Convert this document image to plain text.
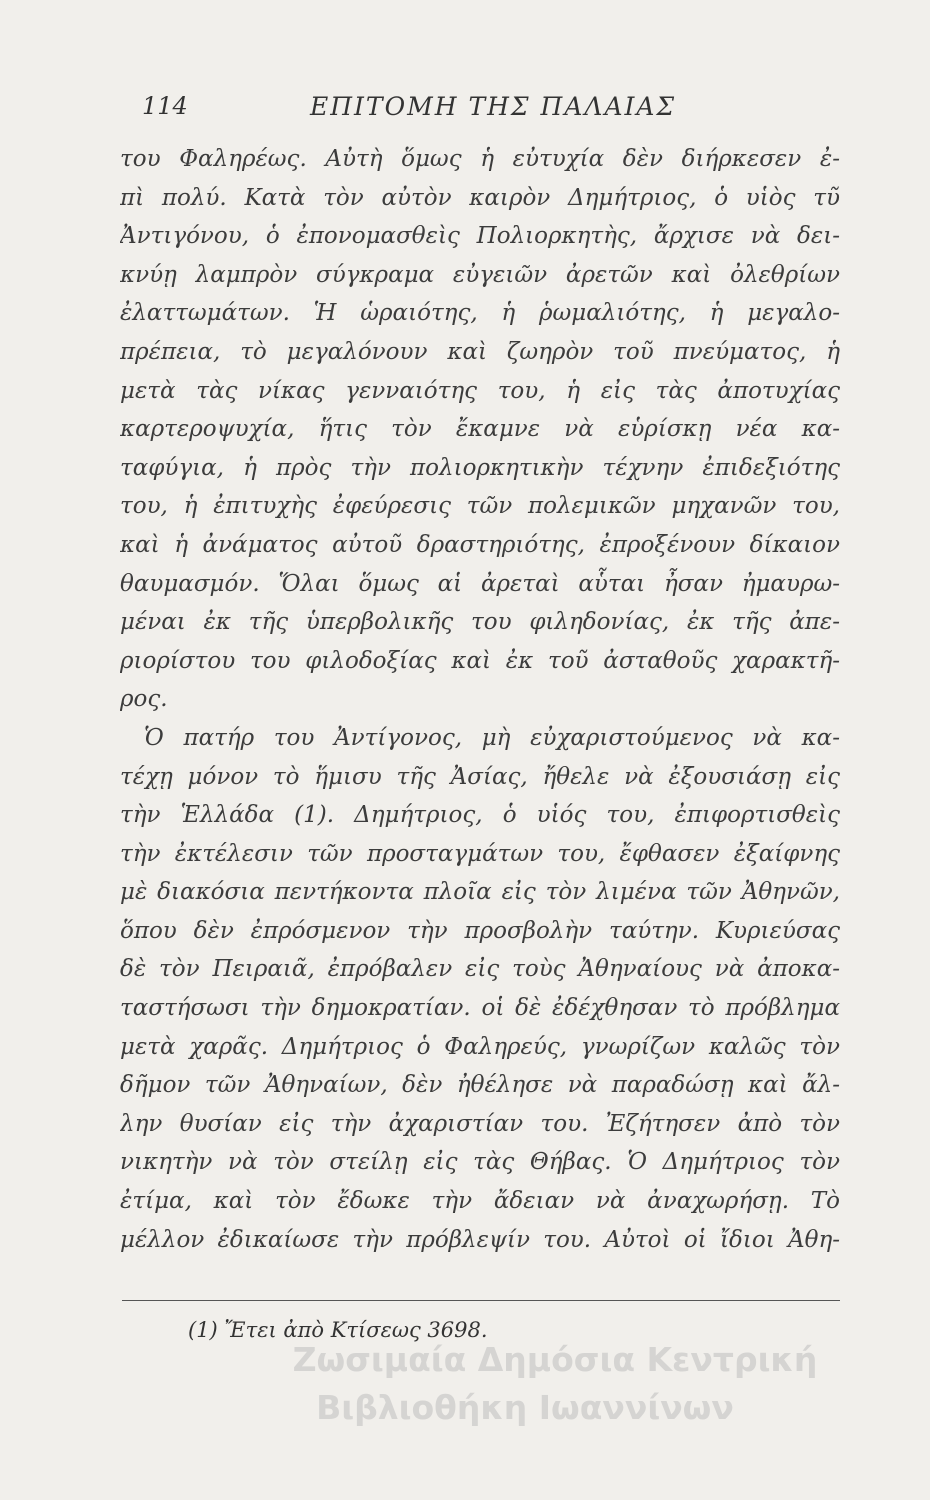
114	ΕΠΙΤΟΜΗ ΤΗΣ ΠΑΛΑΙΑΣ
του Φαληρέως. Αὐτὴ ὅμως ἡ εὐτυχία δὲν διήρκεσεν ἐ-
πὶ πολύ. Κατὰ τὸν αὐτὸν καιρὸν Δημήτριος, ὁ υἱὸς τῦ
Ἀντιγόνου, ὁ ἐπονομασθεὶς Πολιορκητὴς, ἄρχισε νὰ δει-
κνύῃ λαμπρὸν σύγκραμα εὐγειῶν ἀρετῶν καὶ ὀλεθρίων
ἐλαττωμάτων. Ἡ ὡραιότης, ἡ ῥωμαλιότης, ἡ μεγαλο-
πρέπεια, τὸ μεγαλόνουν καὶ ζωηρὸν τοῦ πνεύματος, ἡ
μετὰ τὰς νίκας γενναιότης του, ἡ εἰς τὰς ἀποτυχίας
καρτεροψυχία, ἥτις τὸν ἔκαμνε νὰ εὑρίσκῃ νέα κα-
ταφύγια, ἡ πρὸς τὴν πολιορκητικὴν τέχνην ἐπιδεξιότης
του, ἡ ἐπιτυχὴς ἐφεύρεσις τῶν πολεμικῶν μηχανῶν του,
καὶ ἡ ἀνάματος αὐτοῦ δραστηριότης, ἐπροξένουν δίκαιον
θαυμασμόν. Ὅλαι ὅμως αἱ ἀρεταὶ αὗται ἦσαν ἠμαυρω-
μέναι ἐκ τῆς ὑπερβολικῆς του φιληδονίας, ἐκ τῆς ἀπε-
ριορίστου του φιλοδοξίας καὶ ἐκ τοῦ ἀσταθοῦς χαρακτῆ-
ρος.
Ὁ πατήρ του Ἀντίγονος, μὴ εὐχαριστούμενος νὰ κα-
τέχῃ μόνον τὸ ἥμισυ τῆς Ἀσίας, ἤθελε νὰ ἐξουσιάσῃ εἰς
τὴν Ἑλλάδα (1). Δημήτριος, ὁ υἱός του, ἐπιφορτισθεὶς
τὴν ἐκτέλεσιν τῶν προσταγμάτων του, ἔφθασεν ἐξαίφνης
μὲ διακόσια πεντήκοντα πλοῖα εἰς τὸν λιμένα τῶν Ἀθηνῶν,
ὅπου δὲν ἐπρόσμενον τὴν προσβολὴν ταύτην. Κυριεύσας
δὲ τὸν Πειραιᾶ, ἐπρόβαλεν εἰς τοὺς Ἀθηναίους νὰ ἀποκα-
ταστήσωσι τὴν δημοκρατίαν. οἱ δὲ ἐδέχθησαν τὸ πρόβλημα
μετὰ χαρᾶς. Δημήτριος ὁ Φαληρεύς, γνωρίζων καλῶς τὸν
δῆμον τῶν Ἀθηναίων, δὲν ἠθέλησε νὰ παραδώσῃ καὶ ἄλ-
λην θυσίαν εἰς τὴν ἀχαριστίαν του. Ἐζήτησεν ἀπὸ τὸν
νικητὴν νὰ τὸν στείλῃ εἰς τὰς Θήβας. Ὁ Δημήτριος τὸν
ἐτίμα, καὶ τὸν ἔδωκε τὴν ἄδειαν νὰ ἀναχωρήσῃ. Τὸ
μέλλον ἐδικαίωσε τὴν πρόβλεψίν του. Αὐτοὶ οἱ ἴδιοι Ἀθη-
(1) Ἔτει ἀπὸ Κτίσεως 3698.
Ζωσιμαία Δημόσια Κεντρική
Βιβλιοθήκη Ιωαννίνων
